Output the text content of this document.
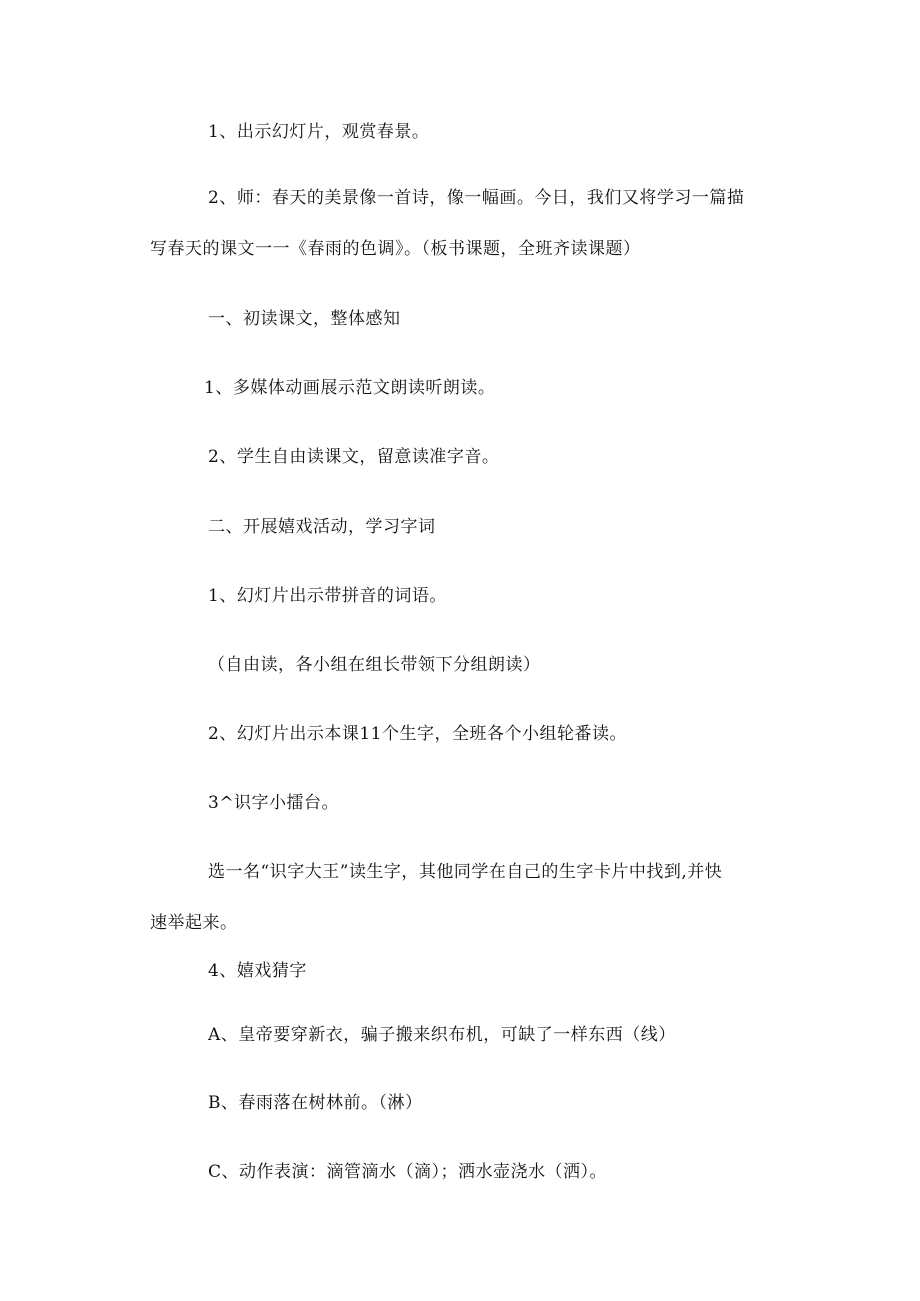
1、出示幻灯片，观赏春景。
2、师：春天的美景像一首诗，像一幅画。今日，我们又将学习一篇描
写春天的课文一一《春雨的色调》。（板书课题，全班齐读课题）
一、初读课文，整体感知
1、多媒体动画展示范文朗读听朗读。
2、学生自由读课文，留意读准字音。
二、开展嬉戏活动，学习字词
1、幻灯片出示带拼音的词语。
（自由读，各小组在组长带领下分组朗读）
2、幻灯片出示本课11个生字，全班各个小组轮番读。
3^识字小擂台。
选一名“识字大王”读生字，其他同学在自己的生字卡片中找到,并快
速举起来。
4、嬉戏猜字
A、皇帝要穿新衣，骗子搬来织布机，可缺了一样东西（线）
B、春雨落在树林前。（淋）
C、动作表演：滴管滴水（滴）；洒水壶浇水（洒）。
